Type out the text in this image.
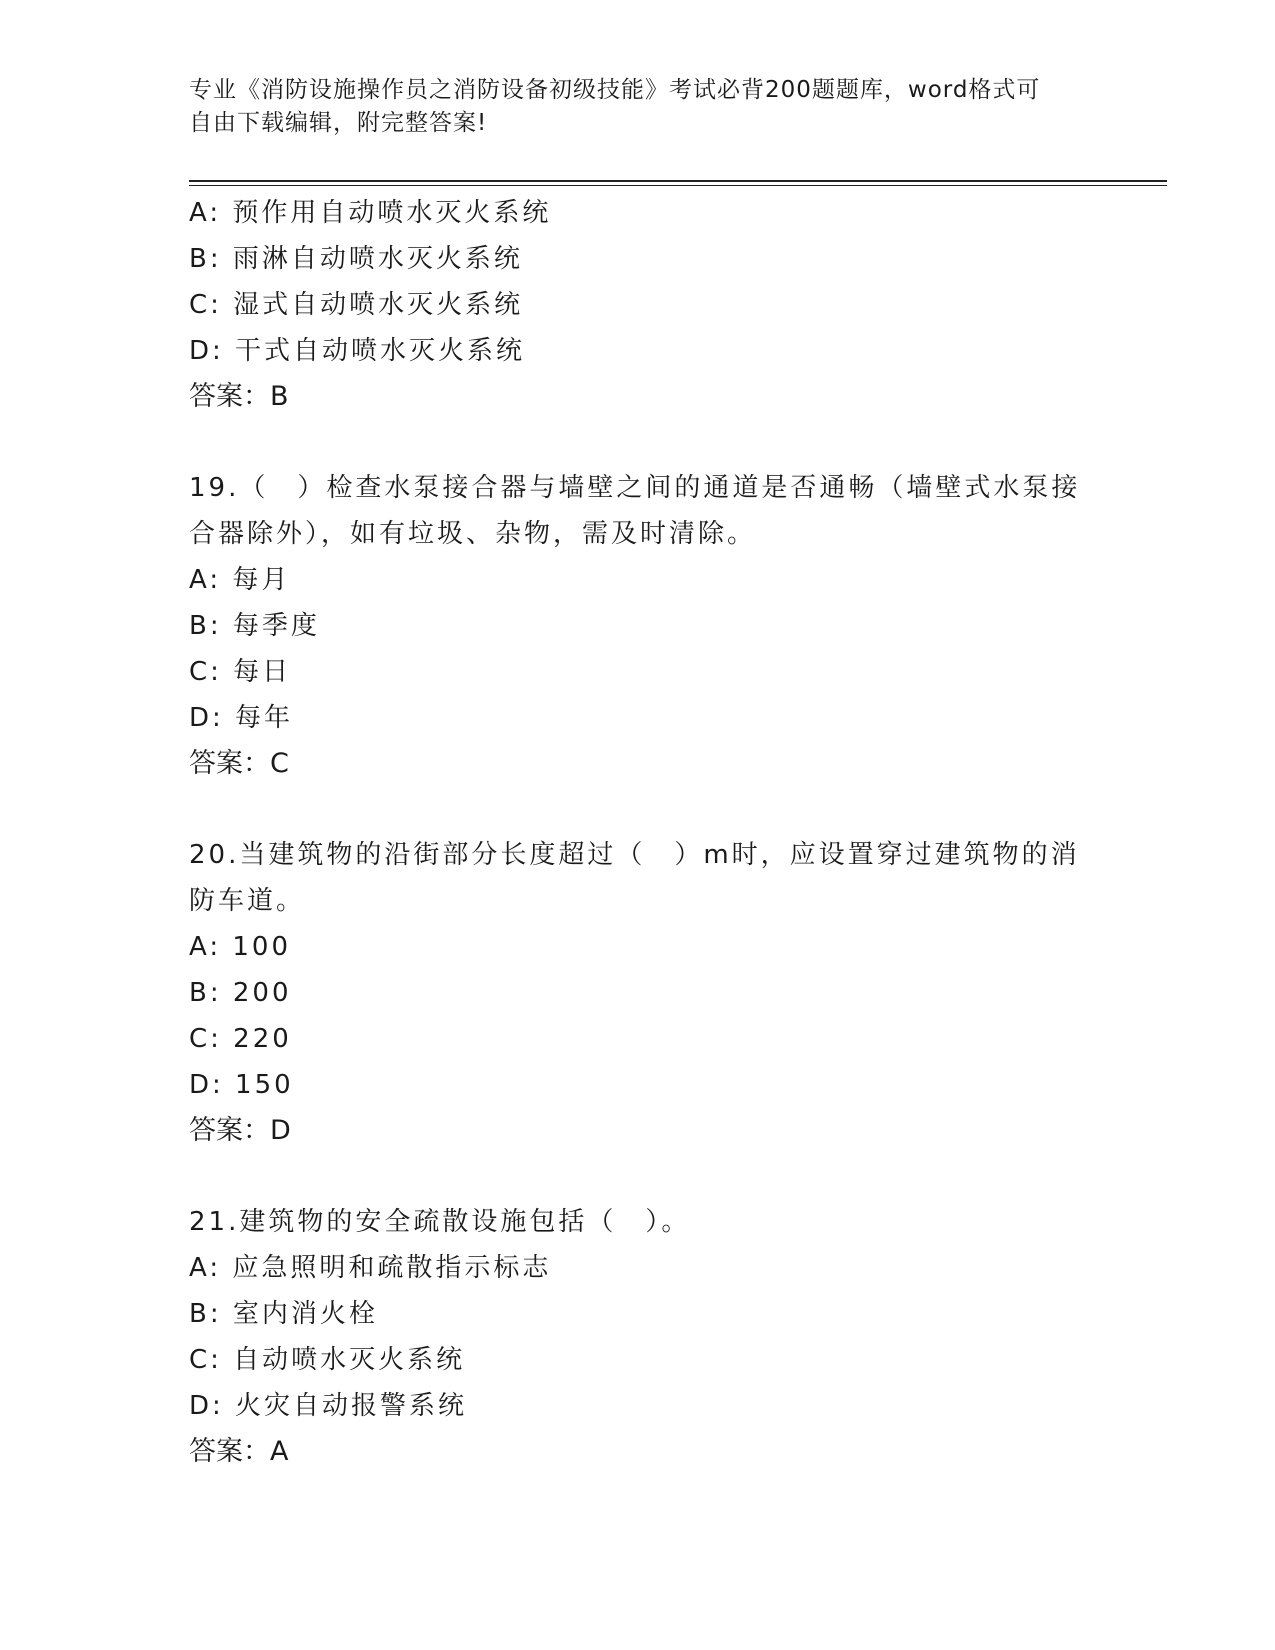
专业《消防设施操作员之消防设备初级技能》考试必背200题题库，word格式可
自由下载编辑，附完整答案!
A: 预作用自动喷水灭火系统
B: 雨淋自动喷水灭火系统
C: 湿式自动喷水灭火系统
D: 干式自动喷水灭火系统
答案：B
19.（　）检查水泵接合器与墙壁之间的通道是否通畅（墙壁式水泵接
合器除外），如有垃圾、杂物，需及时清除。
A: 每月
B: 每季度
C: 每日
D: 每年
答案：C
20.当建筑物的沿街部分长度超过（　）m时，应设置穿过建筑物的消
防车道。
A: 100
B: 200
C: 220
D: 150
答案：D
21.建筑物的安全疏散设施包括（　）。
A: 应急照明和疏散指示标志
B: 室内消火栓
C: 自动喷水灭火系统
D: 火灾自动报警系统
答案：A
